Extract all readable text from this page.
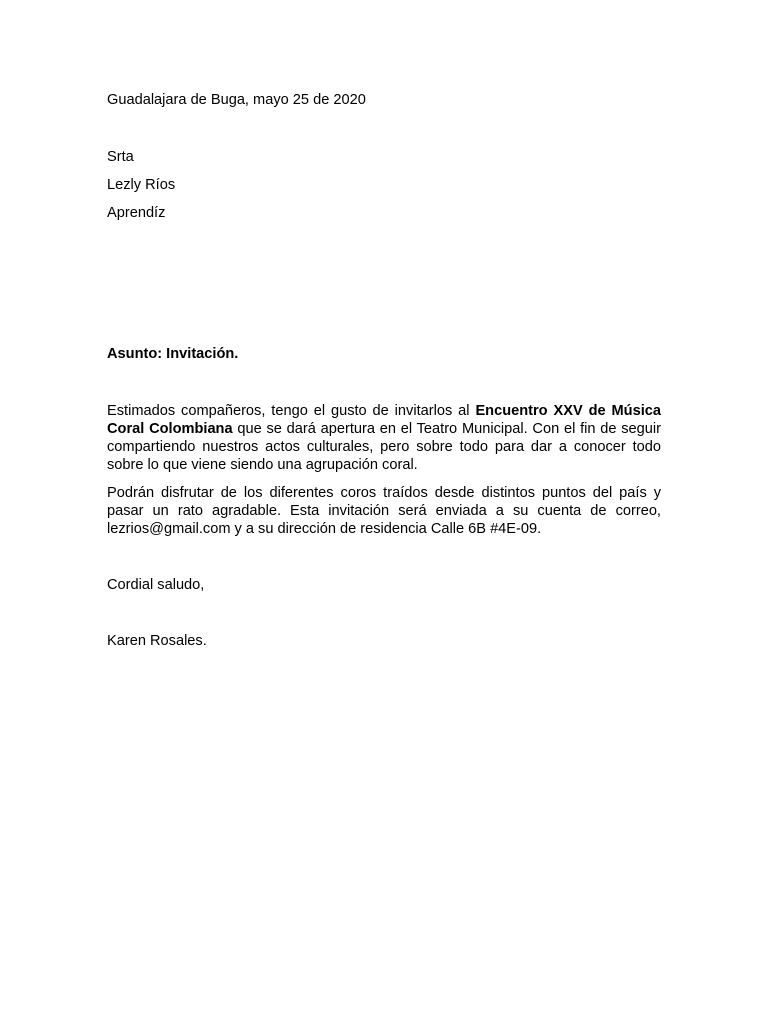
Guadalajara de Buga, mayo 25 de 2020

Srta

Lezly Ríos

Aprendíz

Asunto: Invitación.

Estimados compañeros, tengo el gusto de invitarlos al Encuentro XXV de Música Coral Colombiana que se dará apertura en el Teatro Municipal. Con el fin de seguir compartiendo nuestros actos culturales, pero sobre todo para dar a conocer todo sobre lo que viene siendo una agrupación coral.

Podrán disfrutar de los diferentes coros traídos desde distintos puntos del país y pasar un rato agradable. Esta invitación será enviada a su cuenta de correo, lezrios@gmail.com y a su dirección de residencia Calle 6B #4E-09.

Cordial saludo,

Karen Rosales.
